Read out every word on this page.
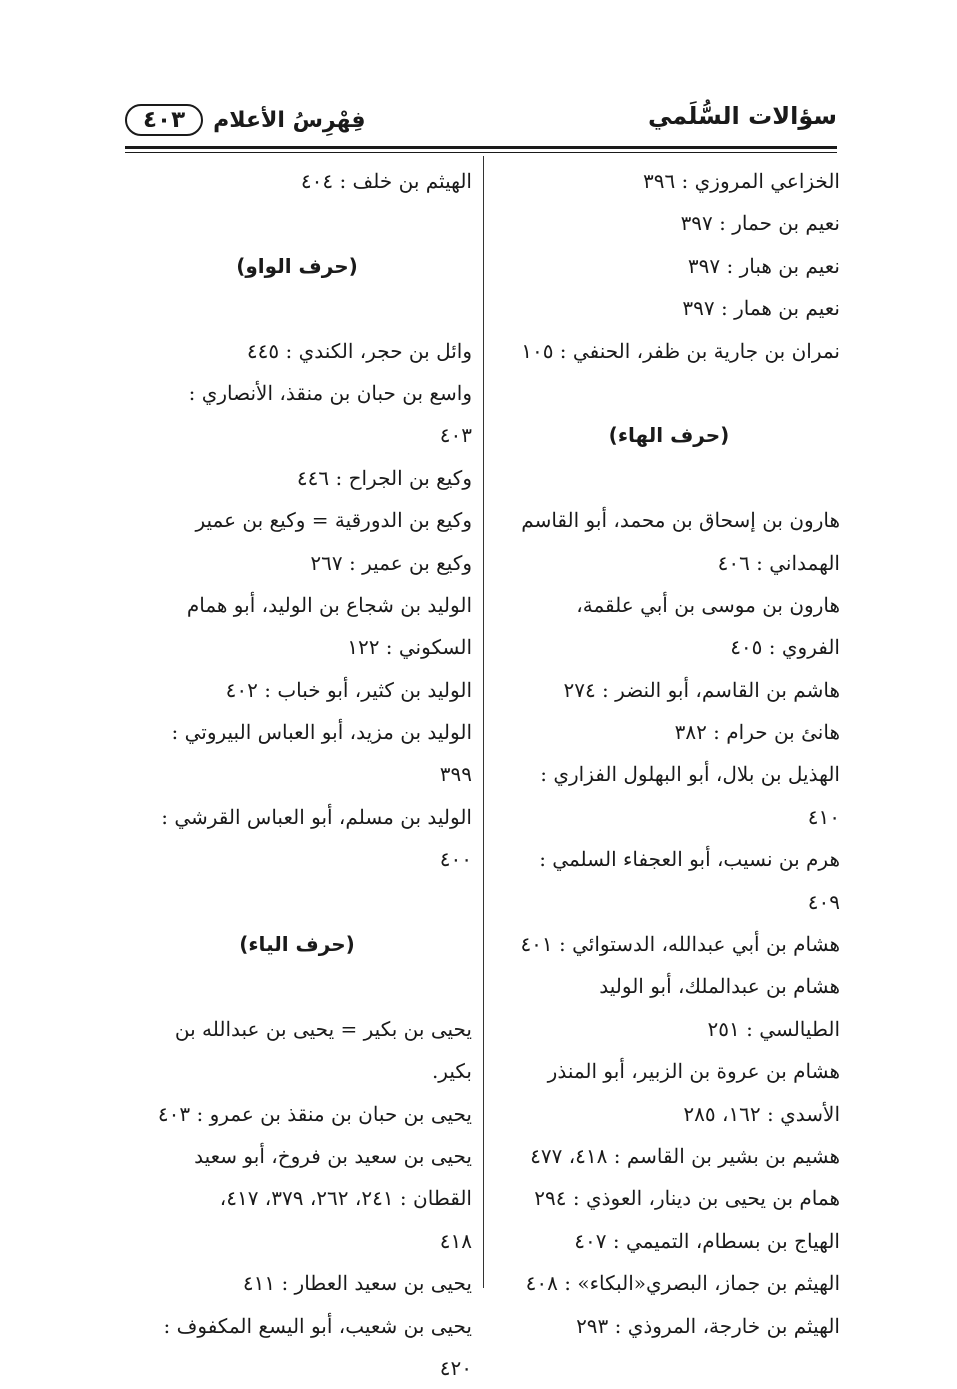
سؤالات السُّلَمي
فِهْرِسُ الأعلام
٤٠٣
الخزاعي المروزي : ٣٩٦
نعيم بن حمار : ٣٩٧
نعيم بن هبار : ٣٩٧
نعيم بن همار : ٣٩٧
نمران بن جارية بن ظفر، الحنفي : ١٠٥
(حرف الهاء)
هارون بن إسحاق بن محمد، أبو القاسم
الهمداني : ٤٠٦
هارون بن موسى بن أبي علقمة،
الفروي : ٤٠٥
هاشم بن القاسم، أبو النضر : ٢٧٤
هانئ بن حرام : ٣٨٢
الهذيل بن بلال، أبو البهلول الفزاري :
٤١٠
هرم بن نسيب، أبو العجفاء السلمي :
٤٠٩
هشام بن أبي عبدالله، الدستوائي : ٤٠١
هشام بن عبدالملك، أبو الوليد
الطيالسي : ٢٥١
هشام بن عروة بن الزبير، أبو المنذر
الأسدي : ١٦٢، ٢٨٥
هشيم بن بشير بن القاسم : ٤١٨، ٤٧٧
همام بن يحيى بن دينار، العوذي : ٢٩٤
الهياج بن بسطام، التميمي : ٤٠٧
الهيثم بن جماز، البصري«البكاء» : ٤٠٨
الهيثم بن خارجة، المروذي : ٢٩٣
الهيثم بن خلف : ٤٠٤
(حرف الواو)
وائل بن حجر، الكندي : ٤٤٥
واسع بن حبان بن منقذ، الأنصاري :
٤٠٣
وكيع بن الجراح : ٤٤٦
وكيع بن الدورقية = وكيع بن عمير
وكيع بن عمير : ٢٦٧
الوليد بن شجاع بن الوليد، أبو همام
السكوني : ١٢٢
الوليد بن كثير، أبو خباب : ٤٠٢
الوليد بن مزيد، أبو العباس البيروتي :
٣٩٩
الوليد بن مسلم، أبو العباس القرشي :
٤٠٠
(حرف الياء)
يحيى بن بكير = يحيى بن عبدالله بن
بكير.
يحيى بن حبان بن منقذ بن عمرو : ٤٠٣
يحيى بن سعيد بن فروخ، أبو سعيد
القطان : ٢٤١، ٢٦٢، ٣٧٩، ٤١٧،
٤١٨
يحيى بن سعيد العطار : ٤١١
يحيى بن شعيب، أبو اليسع المكفوف :
٤٢٠
